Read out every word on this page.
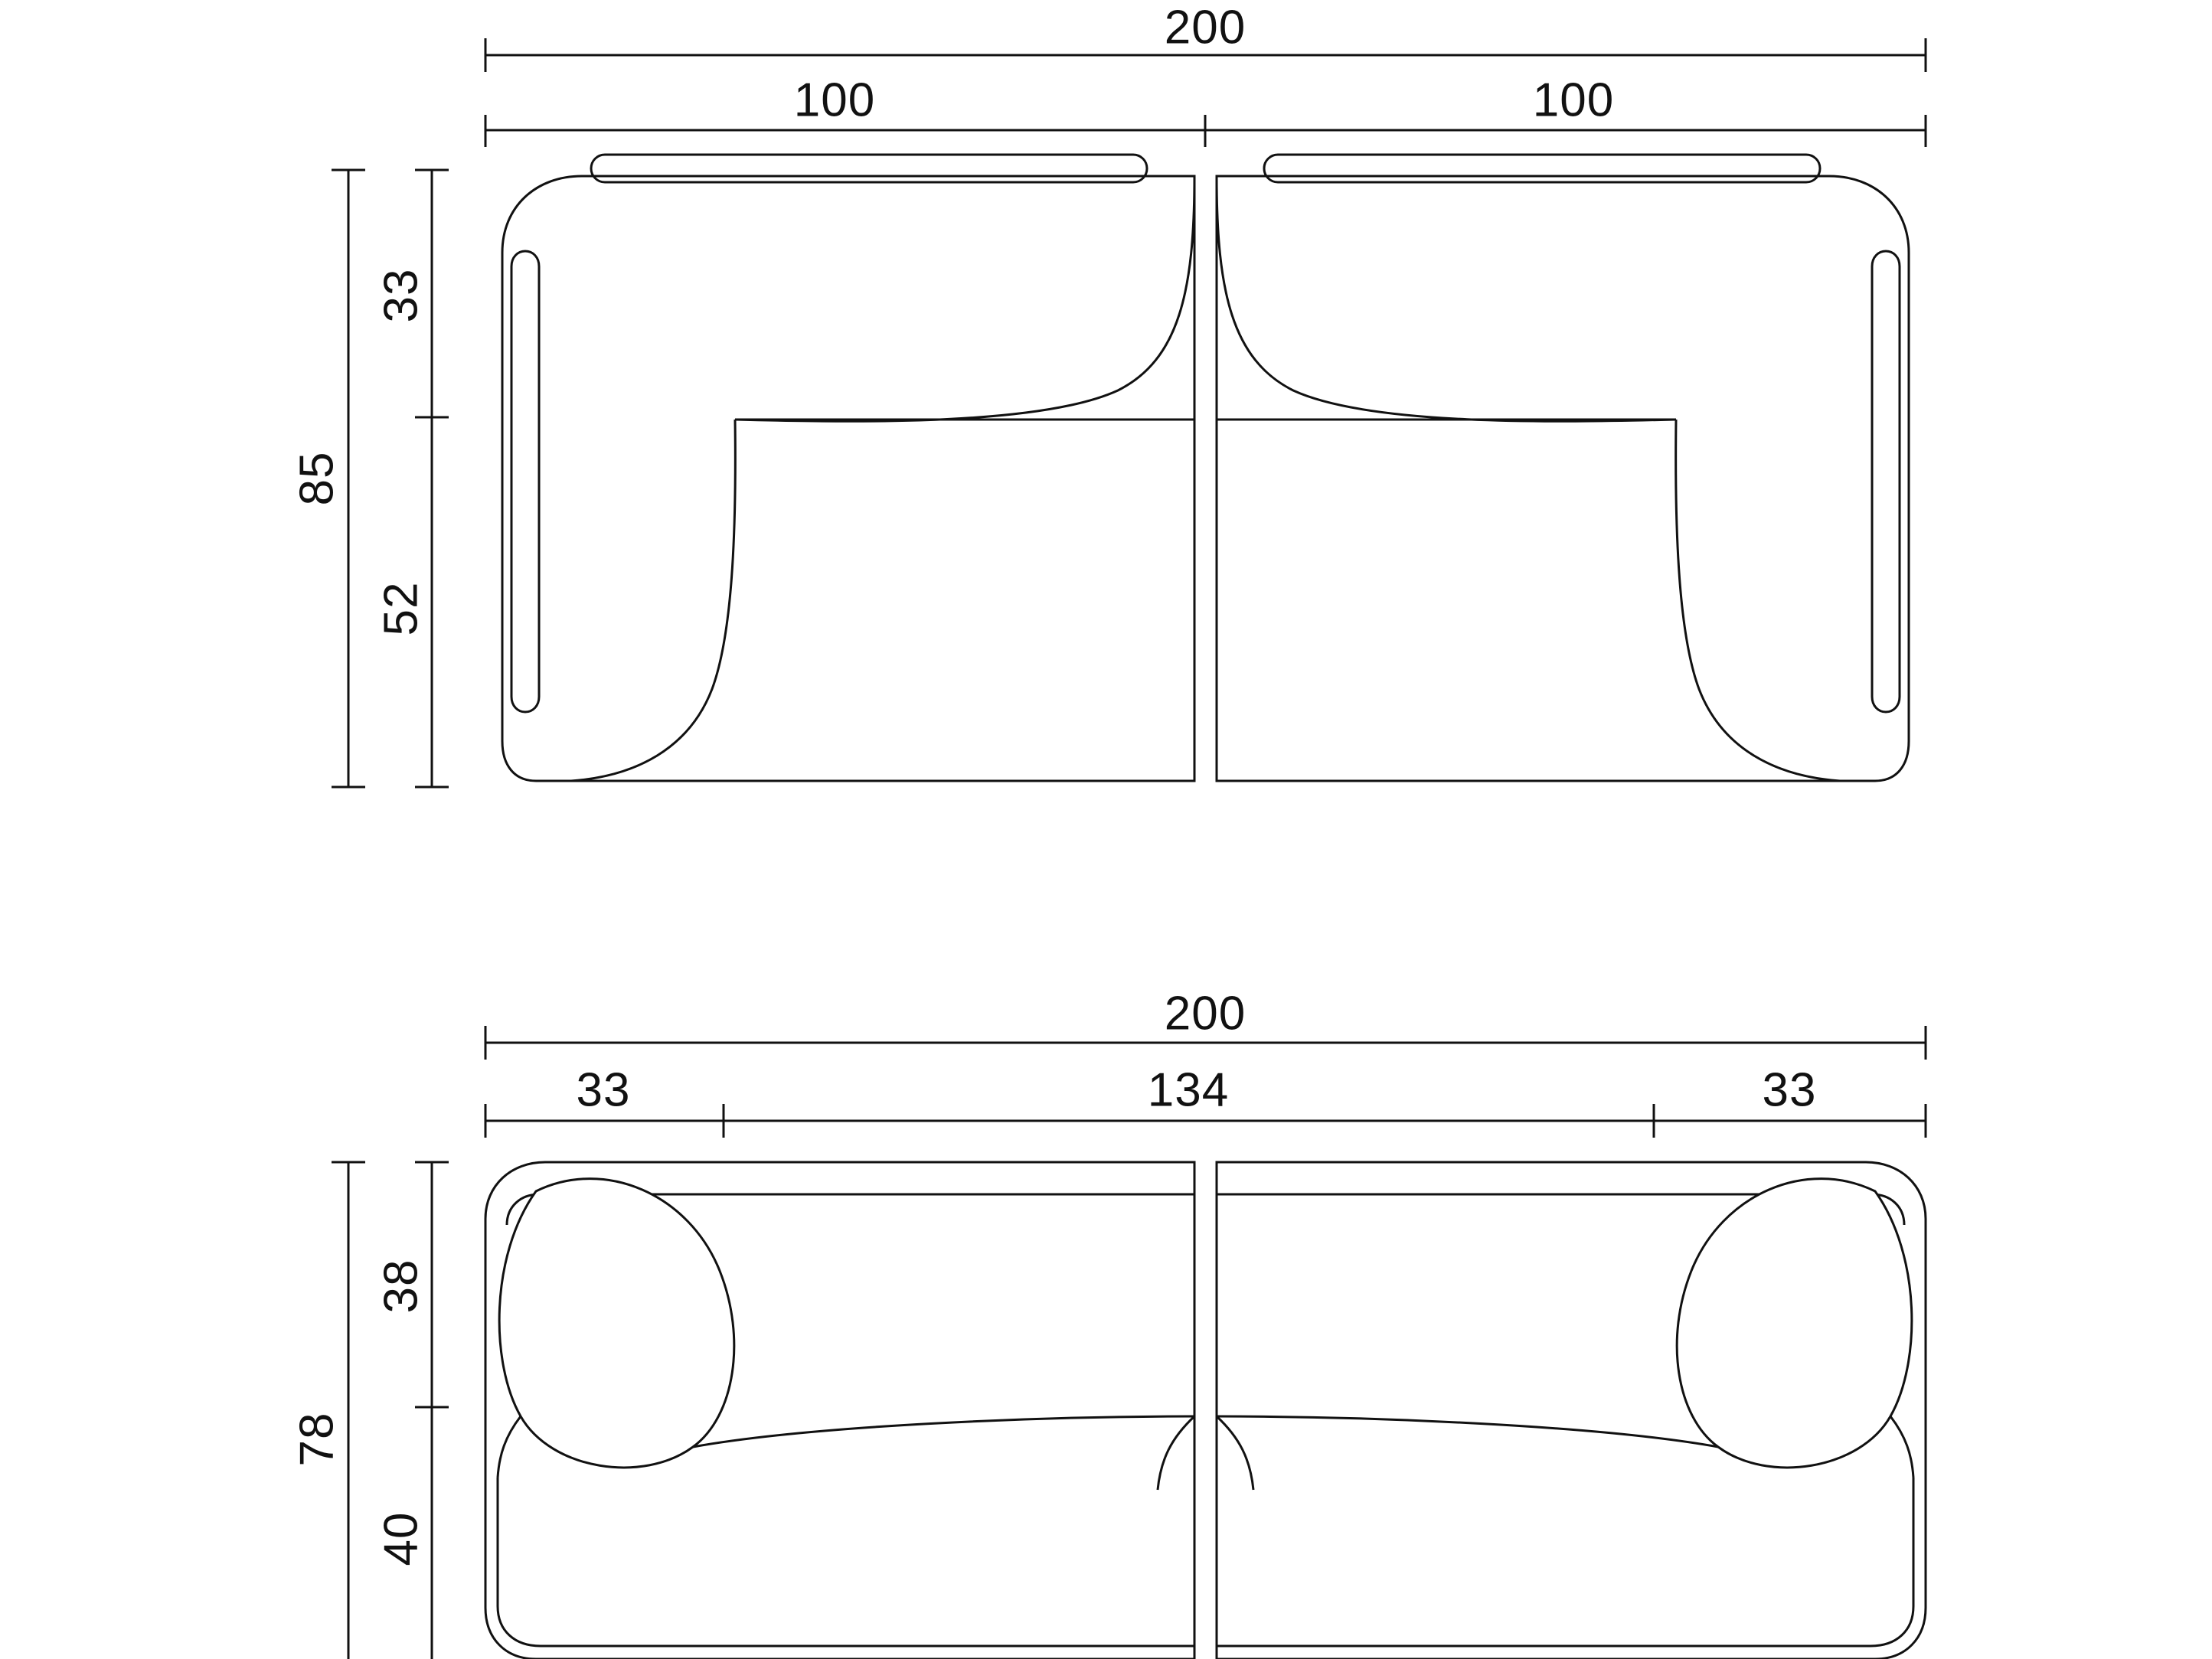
200
100	100
85
33
52
200
33	134	33
78
38
40
